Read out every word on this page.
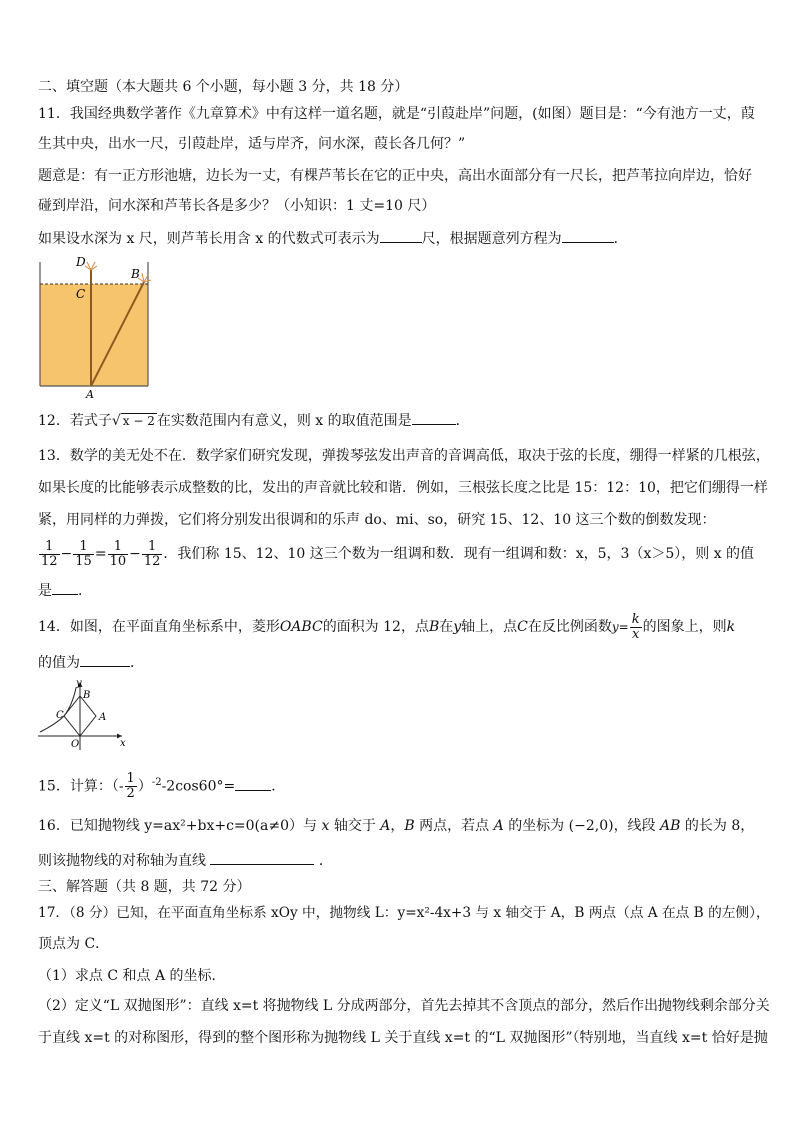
二、填空题（本大题共 6 个小题，每小题 3 分，共 18 分）
11．我国经典数学著作《九章算术》中有这样一道名题，就是“引葭赴岸”问题，(如图）题目是：“今有池方一丈，葭
生其中央，出水一尺，引葭赴岸，适与岸齐，问水深，葭长各几何？”
题意是：有一正方形池塘，边长为一丈，有棵芦苇长在它的正中央，高出水面部分有一尺长，把芦苇拉向岸边，恰好
碰到岸沿，问水深和芦苇长各是多少？（小知识：1 丈=10 尺）
如果设水深为 x 尺，则芦苇长用含 x 的代数式可表示为	尺，根据题意列方程为	．
D
B
C
A
12．若式子√ x − 2 在实数范围内有意义，则 x 的取值范围是	．
13．数学的美无处不在．数学家们研究发现，弹拨琴弦发出声音的音调高低，取决于弦的长度，绷得一样紧的几根弦，
如果长度的比能够表示成整数的比，发出的声音就比较和谐．例如，三根弦长度之比是 15：12：10，把它们绷得一样
紧，用同样的力弹拨，它们将分别发出很调和的乐声 do、mi、so，研究 15、12、10 这三个数的倒数发现：
$\frac{1}{12} - \frac{1}{15} = \frac{1}{10} - \frac{1}{12}$ ．我们称 15、12、10 这三个数为一组调和数．现有一组调和数：x，5，3（x＞5），则 x 的值
是 ．
14．如图，在平面直角坐标系中，菱形OABC的面积为 12，点B在y轴上，点C在反比例函数$y= \frac{k}{x}$ 的图象上，则k
的值为	．
y
B
C	A
O	x
15．计算：（- $\frac{1}{2} )^{-2}-2\cos 60^\circ=$	．
16．已知抛物线 y=ax²+bx+c=0(a≠0）与 x 轴交于 A，B 两点，若点 A 的坐标为 (−2,0)，线段 AB 的长为 8，
则该抛物线的对称轴为直线	．
三、解答题（共 8 题，共 72 分）
17．（8 分）已知，在平面直角坐标系 xOy 中，抛物线 L：y=x²-4x+3 与 x 轴交于 A，B 两点（点 A 在点 B 的左侧），
顶点为 C．
（1）求点 C 和点 A 的坐标．
（2）定义“L 双抛图形”：直线 x=t 将抛物线 L 分成两部分，首先去掉其不含顶点的部分，然后作出抛物线剩余部分关
于直线 x=t 的对称图形，得到的整个图形称为抛物线 L 关于直线 x=t 的“L 双抛图形”（特别地，当直线 x=t 恰好是抛
